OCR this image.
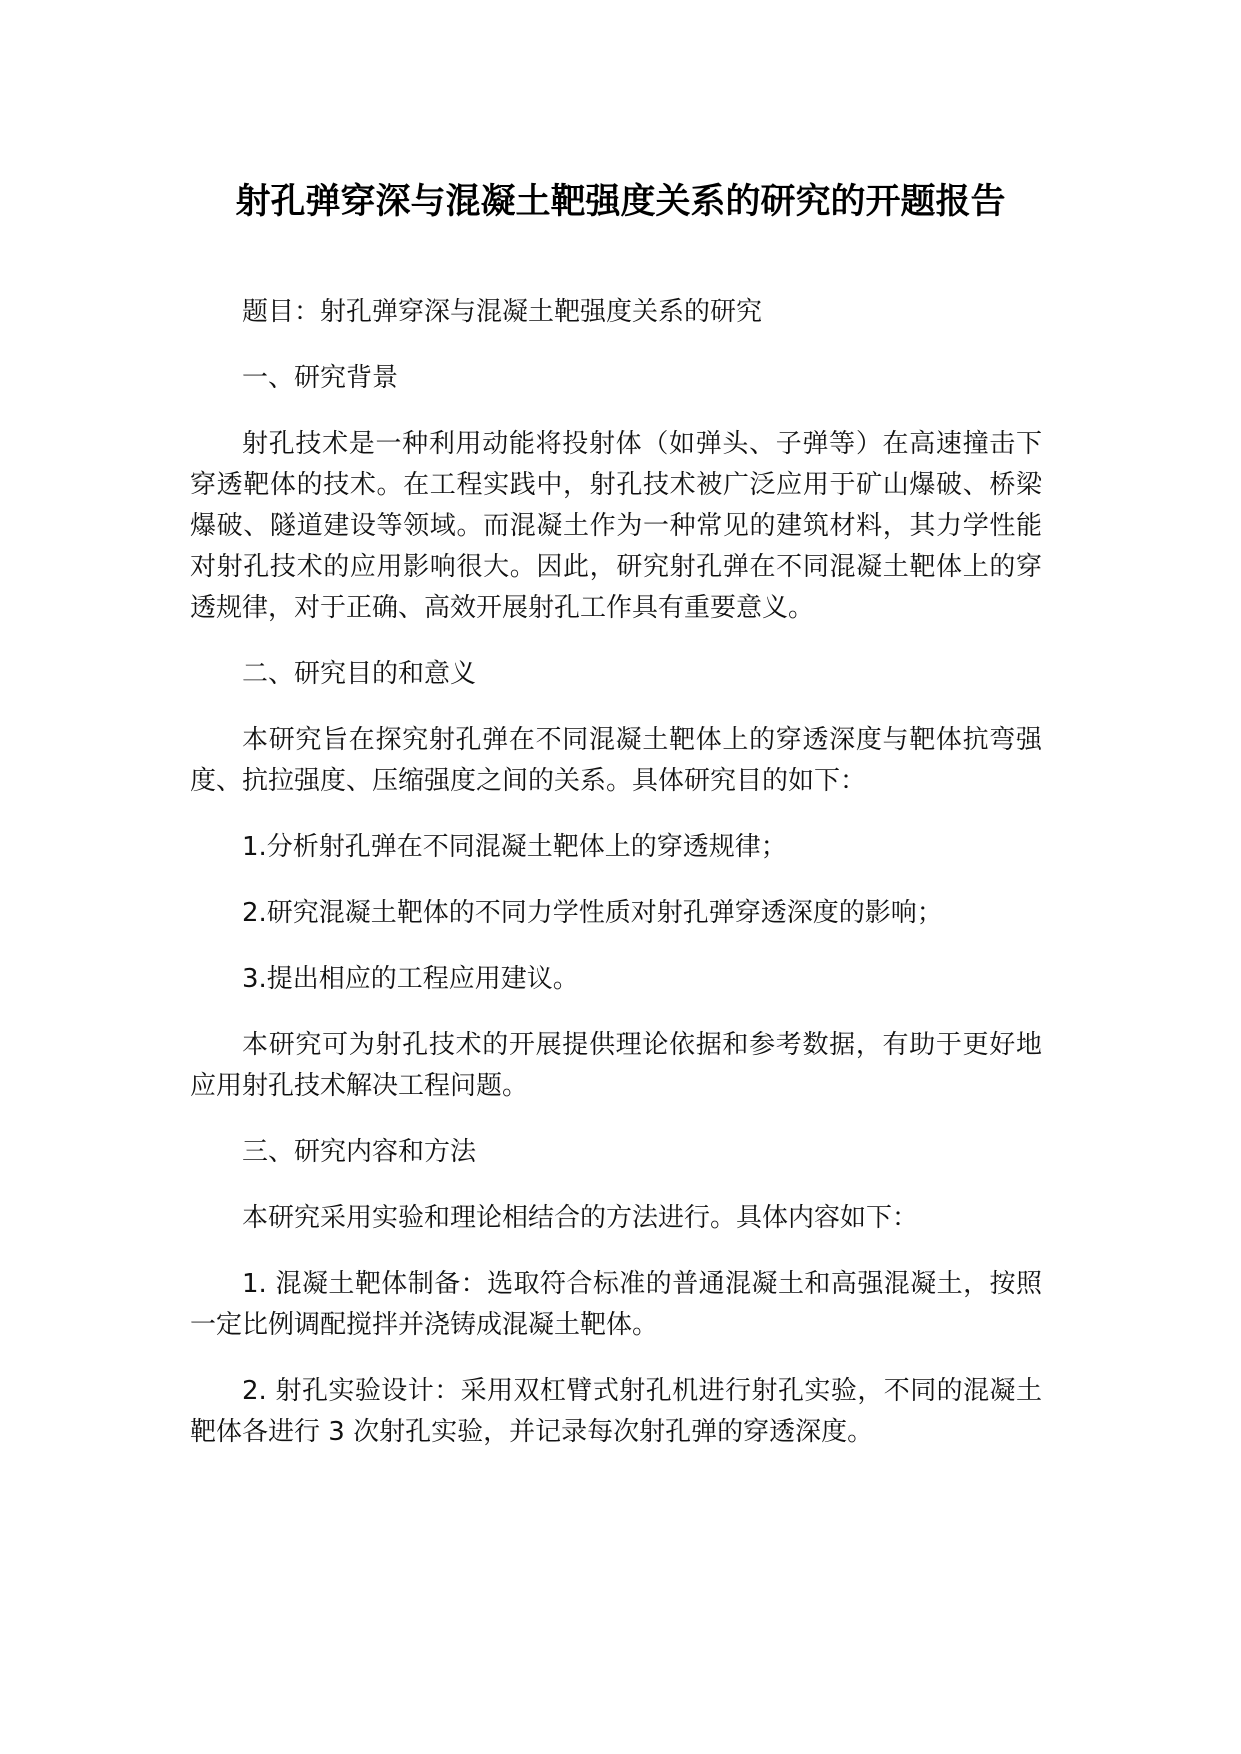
射孔弹穿深与混凝土靶强度关系的研究的开题报告

题目：射孔弹穿深与混凝土靶强度关系的研究

一、研究背景

射孔技术是一种利用动能将投射体（如弹头、子弹等）在高速撞击下穿透靶体的技术。在工程实践中，射孔技术被广泛应用于矿山爆破、桥梁爆破、隧道建设等领域。而混凝土作为一种常见的建筑材料，其力学性能对射孔技术的应用影响很大。因此，研究射孔弹在不同混凝土靶体上的穿透规律，对于正确、高效开展射孔工作具有重要意义。

二、研究目的和意义

本研究旨在探究射孔弹在不同混凝土靶体上的穿透深度与靶体抗弯强度、抗拉强度、压缩强度之间的关系。具体研究目的如下：

1.分析射孔弹在不同混凝土靶体上的穿透规律；

2.研究混凝土靶体的不同力学性质对射孔弹穿透深度的影响；

3.提出相应的工程应用建议。

本研究可为射孔技术的开展提供理论依据和参考数据，有助于更好地应用射孔技术解决工程问题。

三、研究内容和方法

本研究采用实验和理论相结合的方法进行。具体内容如下：

1. 混凝土靶体制备：选取符合标准的普通混凝土和高强混凝土，按照一定比例调配搅拌并浇铸成混凝土靶体。

2. 射孔实验设计：采用双杠臂式射孔机进行射孔实验，不同的混凝土靶体各进行 3 次射孔实验，并记录每次射孔弹的穿透深度。
